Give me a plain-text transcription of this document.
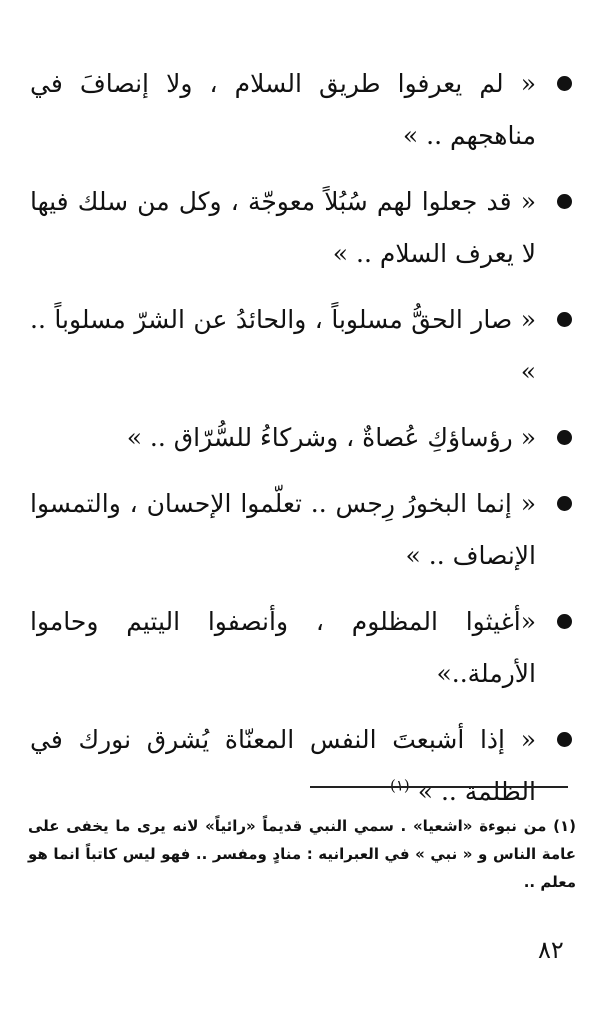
« لم يعرفوا طريق السلام ، ولا إنصافَ في مناهجهم .. »
« قد جعلوا لهم سُبُلاً معوجّة ، وكل من سلك فيها لا يعرف السلام .. »
« صار الحقُّ مسلوباً ، والحائدُ عن الشرّ مسلوباً .. »
« رؤساؤكِ عُصاةٌ ، وشركاءُ للسُّرّاق .. »
« إنما البخورُ رِجس .. تعلّموا الإحسان ، والتمسوا الإنصاف .. »
«أغيثوا المظلوم ، وأنصفوا اليتيم وحاموا الأرملة..»
« إذا أشبعتَ النفس المعنّاة يُشرق نورك في الظلمة .. » $^{(١)}$
(١) من نبوءة «اشعيا» . سمي النبي قديماً «رائياً» لانه يرى ما يخفى على عامة الناس و « نبي » في العبرانيه : منادٍ ومفسر .. فهو ليس كاتباً انما هو معلم ..
٨٢
